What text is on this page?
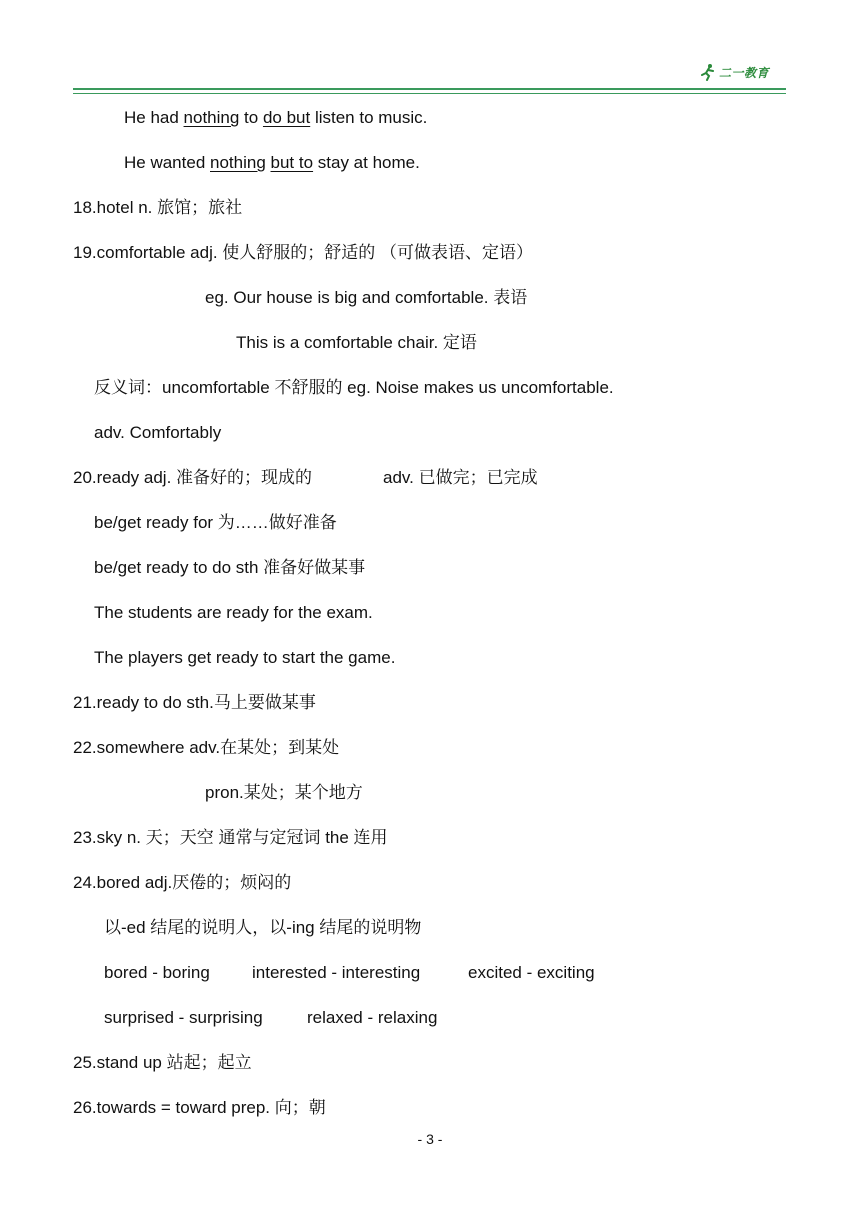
二一教育
He had nothing to do but listen to music.
He wanted nothing but to stay at home.
18.hotel n. 旅馆；旅社
19.comfortable adj. 使人舒服的；舒适的 （可做表语、定语）
eg. Our house is big and comfortable. 表语
This is a comfortable chair. 定语
反义词：uncomfortable 不舒服的 eg. Noise makes us uncomfortable.
adv. Comfortably
20.ready adj. 准备好的；现成的	adv. 已做完；已完成
be/get ready for 为……做好准备
be/get ready to do sth 准备好做某事
The students are ready for the exam.
The players get ready to start the game.
21.ready to do sth.马上要做某事
22.somewhere adv.在某处；到某处
pron.某处；某个地方
23.sky n. 天；天空 通常与定冠词 the 连用
24.bored adj.厌倦的；烦闷的
以-ed 结尾的说明人，以-ing 结尾的说明物
bored - boring interested - interesting	excited - exciting
surprised - surprising	relaxed - relaxing
25.stand up 站起；起立
26.towards = toward prep. 向；朝
- 3 -
